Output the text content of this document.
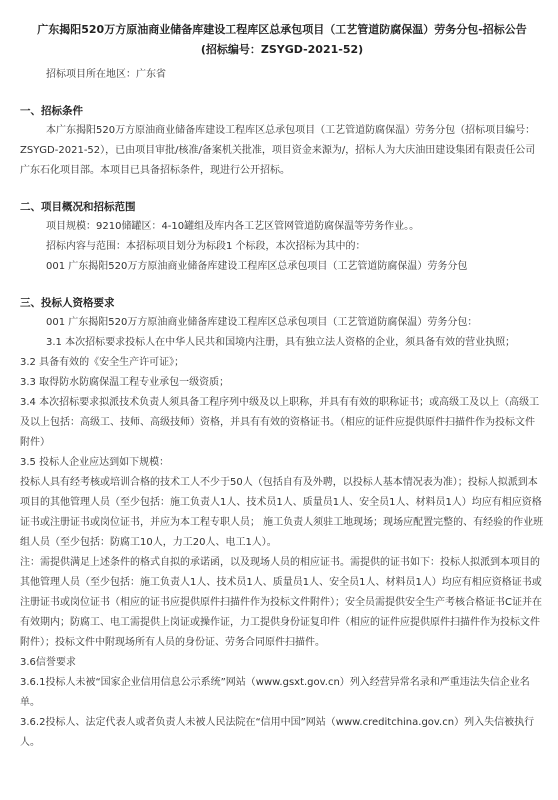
广东揭阳520万方原油商业储备库建设工程库区总承包项目（工艺管道防腐保温）劳务分包-招标公告
(招标编号：ZSYGD-2021-52)
招标项目所在地区：广东省
一、招标条件

本广东揭阳520万方原油商业储备库建设工程库区总承包项目（工艺管道防腐保温）劳务分包（招标项目编号：ZSYGD-2021-52），已由项目审批/核准/备案机关批准，项目资金来源为/，招标人为大庆油田建设集团有限责任公司广东石化项目部。本项目已具备招标条件，现进行公开招标。

二、项目概况和招标范围

项目规模：9210储罐区：4-10罐组及库内各工艺区管网管道防腐保温等劳务作业。。

招标内容与范围：本招标项目划分为标段1 个标段，本次招标为其中的：

001 广东揭阳520万方原油商业储备库建设工程库区总承包项目（工艺管道防腐保温）劳务分包

三、投标人资格要求

001 广东揭阳520万方原油商业储备库建设工程库区总承包项目（工艺管道防腐保温）劳务分包：

3.1 本次招标要求投标人在中华人民共和国境内注册，具有独立法人资格的企业，须具备有效的营业执照；

3.2 具备有效的《安全生产许可证》；

3.3 取得防水防腐保温工程专业承包一级资质；

3.4 本次招标要求拟派技术负责人须具备工程序列中级及以上职称，并具有有效的职称证书；或高级工及以上（高级工及以上包括：高级工、技师、高级技师）资格，并具有有效的资格证书。（相应的证件应提供原件扫描件作为投标文件附件）

3.5 投标人企业应达到如下规模：

投标人具有经考核或培训合格的技术工人不少于50人（包括自有及外聘，以投标人基本情况表为准）；投标人拟派到本项目的其他管理人员（至少包括：施工负责人1人、技术员1人、质量员1人、安全员1人、材料员1人）均应有相应资格证书或注册证书或岗位证书，并应为本工程专职人员； 施工负责人须驻工地现场；现场应配置完整的、有经验的作业班组人员（至少包括：防腐工10人，力工20人、电工1人）。

注：需提供满足上述条件的格式自拟的承诺函，以及现场人员的相应证书。需提供的证书如下：投标人拟派到本项目的其他管理人员（至少包括：施工负责人1人、技术员1人、质量员1人、安全员1人、材料员1人）均应有相应资格证书或注册证书或岗位证书（相应的证书应提供原件扫描件作为投标文件附件）；安全员需提供安全生产考核合格证书C证并在有效期内；防腐工、电工需提供上岗证或操作证，力工提供身份证复印件（相应的证件应提供原件扫描件作为投标文件附件）；投标文件中附现场所有人员的身份证、劳务合同原件扫描件。

3.6信誉要求

3.6.1投标人未被“国家企业信用信息公示系统”网站（www.gsxt.gov.cn）列入经营异常名录和严重违法失信企业名单。

3.6.2投标人、法定代表人或者负责人未被人民法院在“信用中国”网站（www.creditchina.gov.cn）列入失信被执行人。
